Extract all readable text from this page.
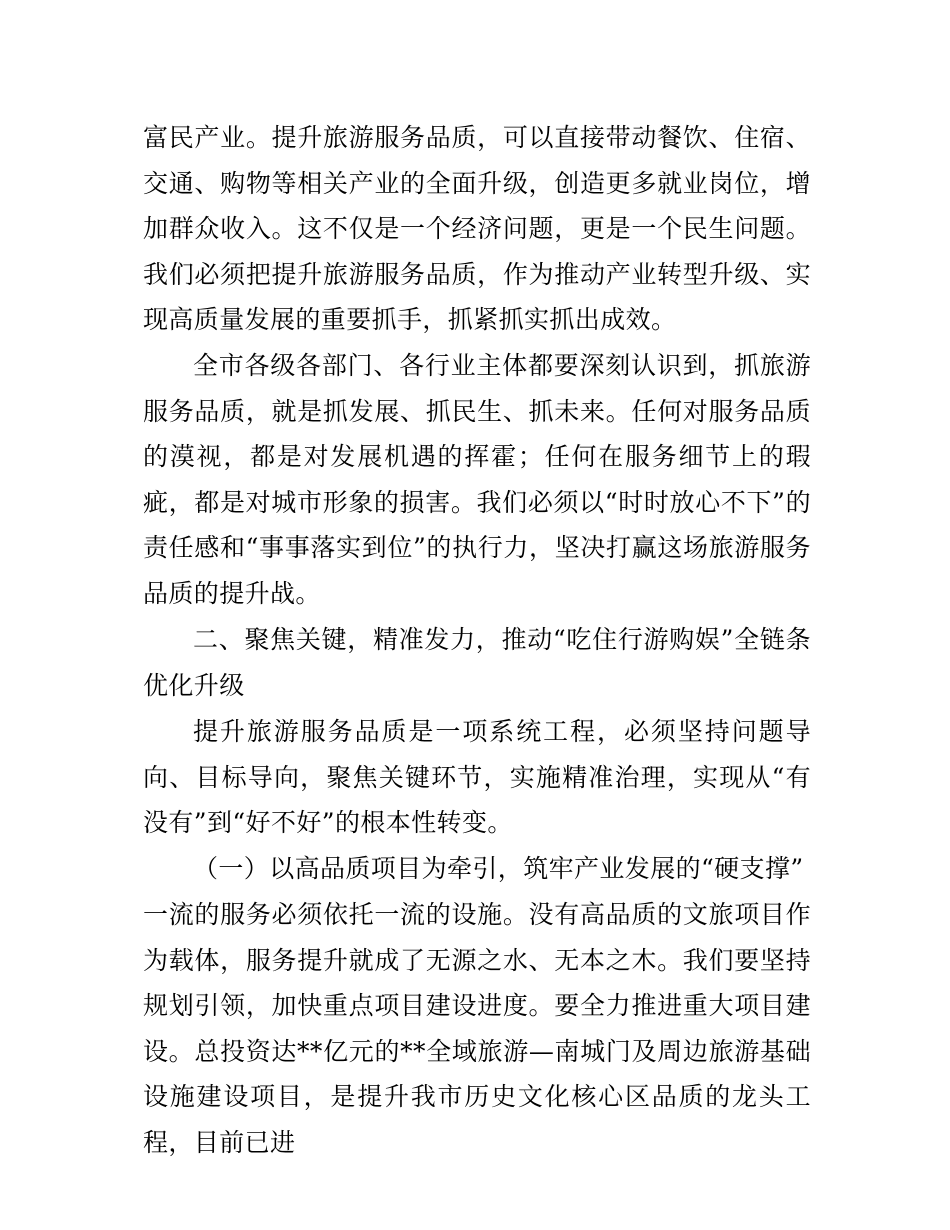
富民产业。提升旅游服务品质，可以直接带动餐饮、住宿、交通、购物等相关产业的全面升级，创造更多就业岗位，增加群众收入。这不仅是一个经济问题，更是一个民生问题。我们必须把提升旅游服务品质，作为推动产业转型升级、实现高质量发展的重要抓手，抓紧抓实抓出成效。

全市各级各部门、各行业主体都要深刻认识到，抓旅游服务品质，就是抓发展、抓民生、抓未来。任何对服务品质的漠视，都是对发展机遇的挥霍；任何在服务细节上的瑕疵，都是对城市形象的损害。我们必须以“时时放心不下”的责任感和“事事落实到位”的执行力，坚决打赢这场旅游服务品质的提升战。

二、聚焦关键，精准发力，推动“吃住行游购娱”全链条优化升级

提升旅游服务品质是一项系统工程，必须坚持问题导向、目标导向，聚焦关键环节，实施精准治理，实现从“有没有”到“好不好”的根本性转变。

（一）以高品质项目为牵引，筑牢产业发展的“硬支撑”

一流的服务必须依托一流的设施。没有高品质的文旅项目作为载体，服务提升就成了无源之水、无本之木。我们要坚持规划引领，加快重点项目建设进度。要全力推进重大项目建设。总投资达**亿元的**全域旅游—南城门及周边旅游基础设施建设项目，是提升我市历史文化核心区品质的龙头工程，目前已进
